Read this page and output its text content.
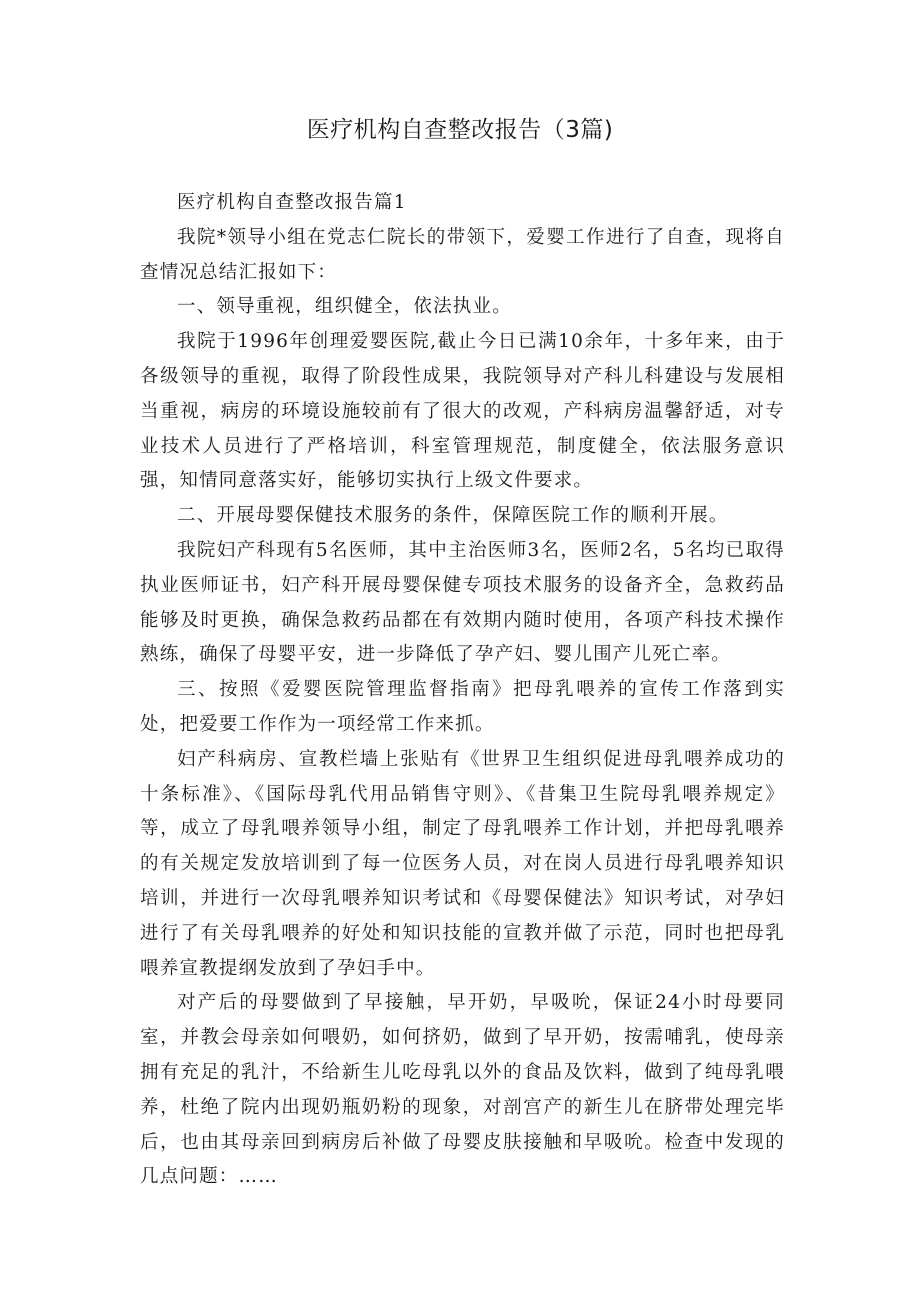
医疗机构自查整改报告（3篇)

医疗机构自查整改报告篇1

我院*领导小组在党志仁院长的带领下，爱婴工作进行了自查，现将自查情况总结汇报如下：

一、领导重视，组织健全，依法执业。

我院于1996年创理爱婴医院,截止今日已满10余年，十多年来，由于各级领导的重视，取得了阶段性成果，我院领导对产科儿科建设与发展相当重视，病房的环境设施较前有了很大的改观，产科病房温馨舒适，对专业技术人员进行了严格培训，科室管理规范，制度健全，依法服务意识强，知情同意落实好，能够切实执行上级文件要求。

二、开展母婴保健技术服务的条件，保障医院工作的顺利开展。

我院妇产科现有5名医师，其中主治医师3名，医师2名，5名均已取得执业医师证书，妇产科开展母婴保健专项技术服务的设备齐全，急救药品能够及时更换，确保急救药品都在有效期内随时使用，各项产科技术操作熟练，确保了母婴平安，进一步降低了孕产妇、婴儿围产儿死亡率。

三、按照《爱婴医院管理监督指南》把母乳喂养的宣传工作落到实处，把爱要工作作为一项经常工作来抓。

妇产科病房、宣教栏墙上张贴有《世界卫生组织促进母乳喂养成功的十条标准》、《国际母乳代用品销售守则》、《昔集卫生院母乳喂养规定》等，成立了母乳喂养领导小组，制定了母乳喂养工作计划，并把母乳喂养的有关规定发放培训到了每一位医务人员，对在岗人员进行母乳喂养知识培训，并进行一次母乳喂养知识考试和《母婴保健法》知识考试，对孕妇进行了有关母乳喂养的好处和知识技能的宣教并做了示范，同时也把母乳喂养宣教提纲发放到了孕妇手中。

对产后的母婴做到了早接触，早开奶，早吸吮，保证24小时母要同室，并教会母亲如何喂奶，如何挤奶，做到了早开奶，按需哺乳，使母亲拥有充足的乳汁，不给新生儿吃母乳以外的食品及饮料，做到了纯母乳喂养，杜绝了院内出现奶瓶奶粉的现象，对剖宫产的新生儿在脐带处理完毕后，也由其母亲回到病房后补做了母婴皮肤接触和早吸吮。检查中发现的几点问题：……
